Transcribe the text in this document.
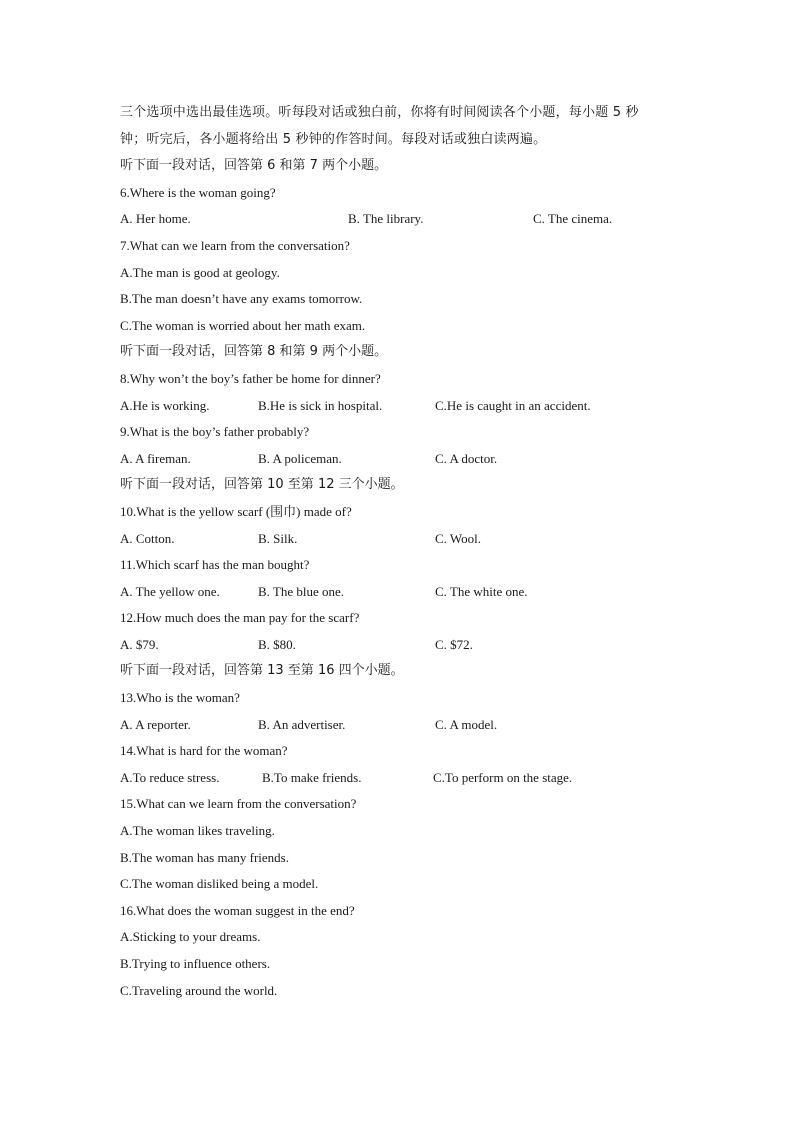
三个选项中选出最佳选项。听每段对话或独白前，你将有时间阅读各个小题，每小题 5 秒
钟；听完后，各小题将给出 5 秒钟的作答时间。每段对话或独白读两遍。
听下面一段对话，回答第 6 和第 7 两个小题。
6.Where is the woman going?
A. Her home.	B. The library.	C. The cinema.
7.What can we learn from the conversation?
A.The man is good at geology.
B.The man doesn’t have any exams tomorrow.
C.The woman is worried about her math exam.
听下面一段对话，回答第 8 和第 9 两个小题。
8.Why won’t the boy’s father be home for dinner?
A.He is working.	B.He is sick in hospital.	C.He is caught in an accident.
9.What is the boy’s father probably?
A. A fireman.	B. A policeman.	C. A doctor.
听下面一段对话，回答第 10 至第 12 三个小题。
10.What is the yellow scarf (围巾) made of?
A. Cotton.	B. Silk.	C. Wool.
11.Which scarf has the man bought?
A. The yellow one.	B. The blue one.	C. The white one.
12.How much does the man pay for the scarf?
A. $79.	B. $80.	C. $72.
听下面一段对话，回答第 13 至第 16 四个小题。
13.Who is the woman?
A. A reporter.	B. An advertiser.	C. A model.
14.What is hard for the woman?
A.To reduce stress.	B.To make friends.	C.To perform on the stage.
15.What can we learn from the conversation?
A.The woman likes traveling.
B.The woman has many friends.
C.The woman disliked being a model.
16.What does the woman suggest in the end?
A.Sticking to your dreams.
B.Trying to influence others.
C.Traveling around the world.
